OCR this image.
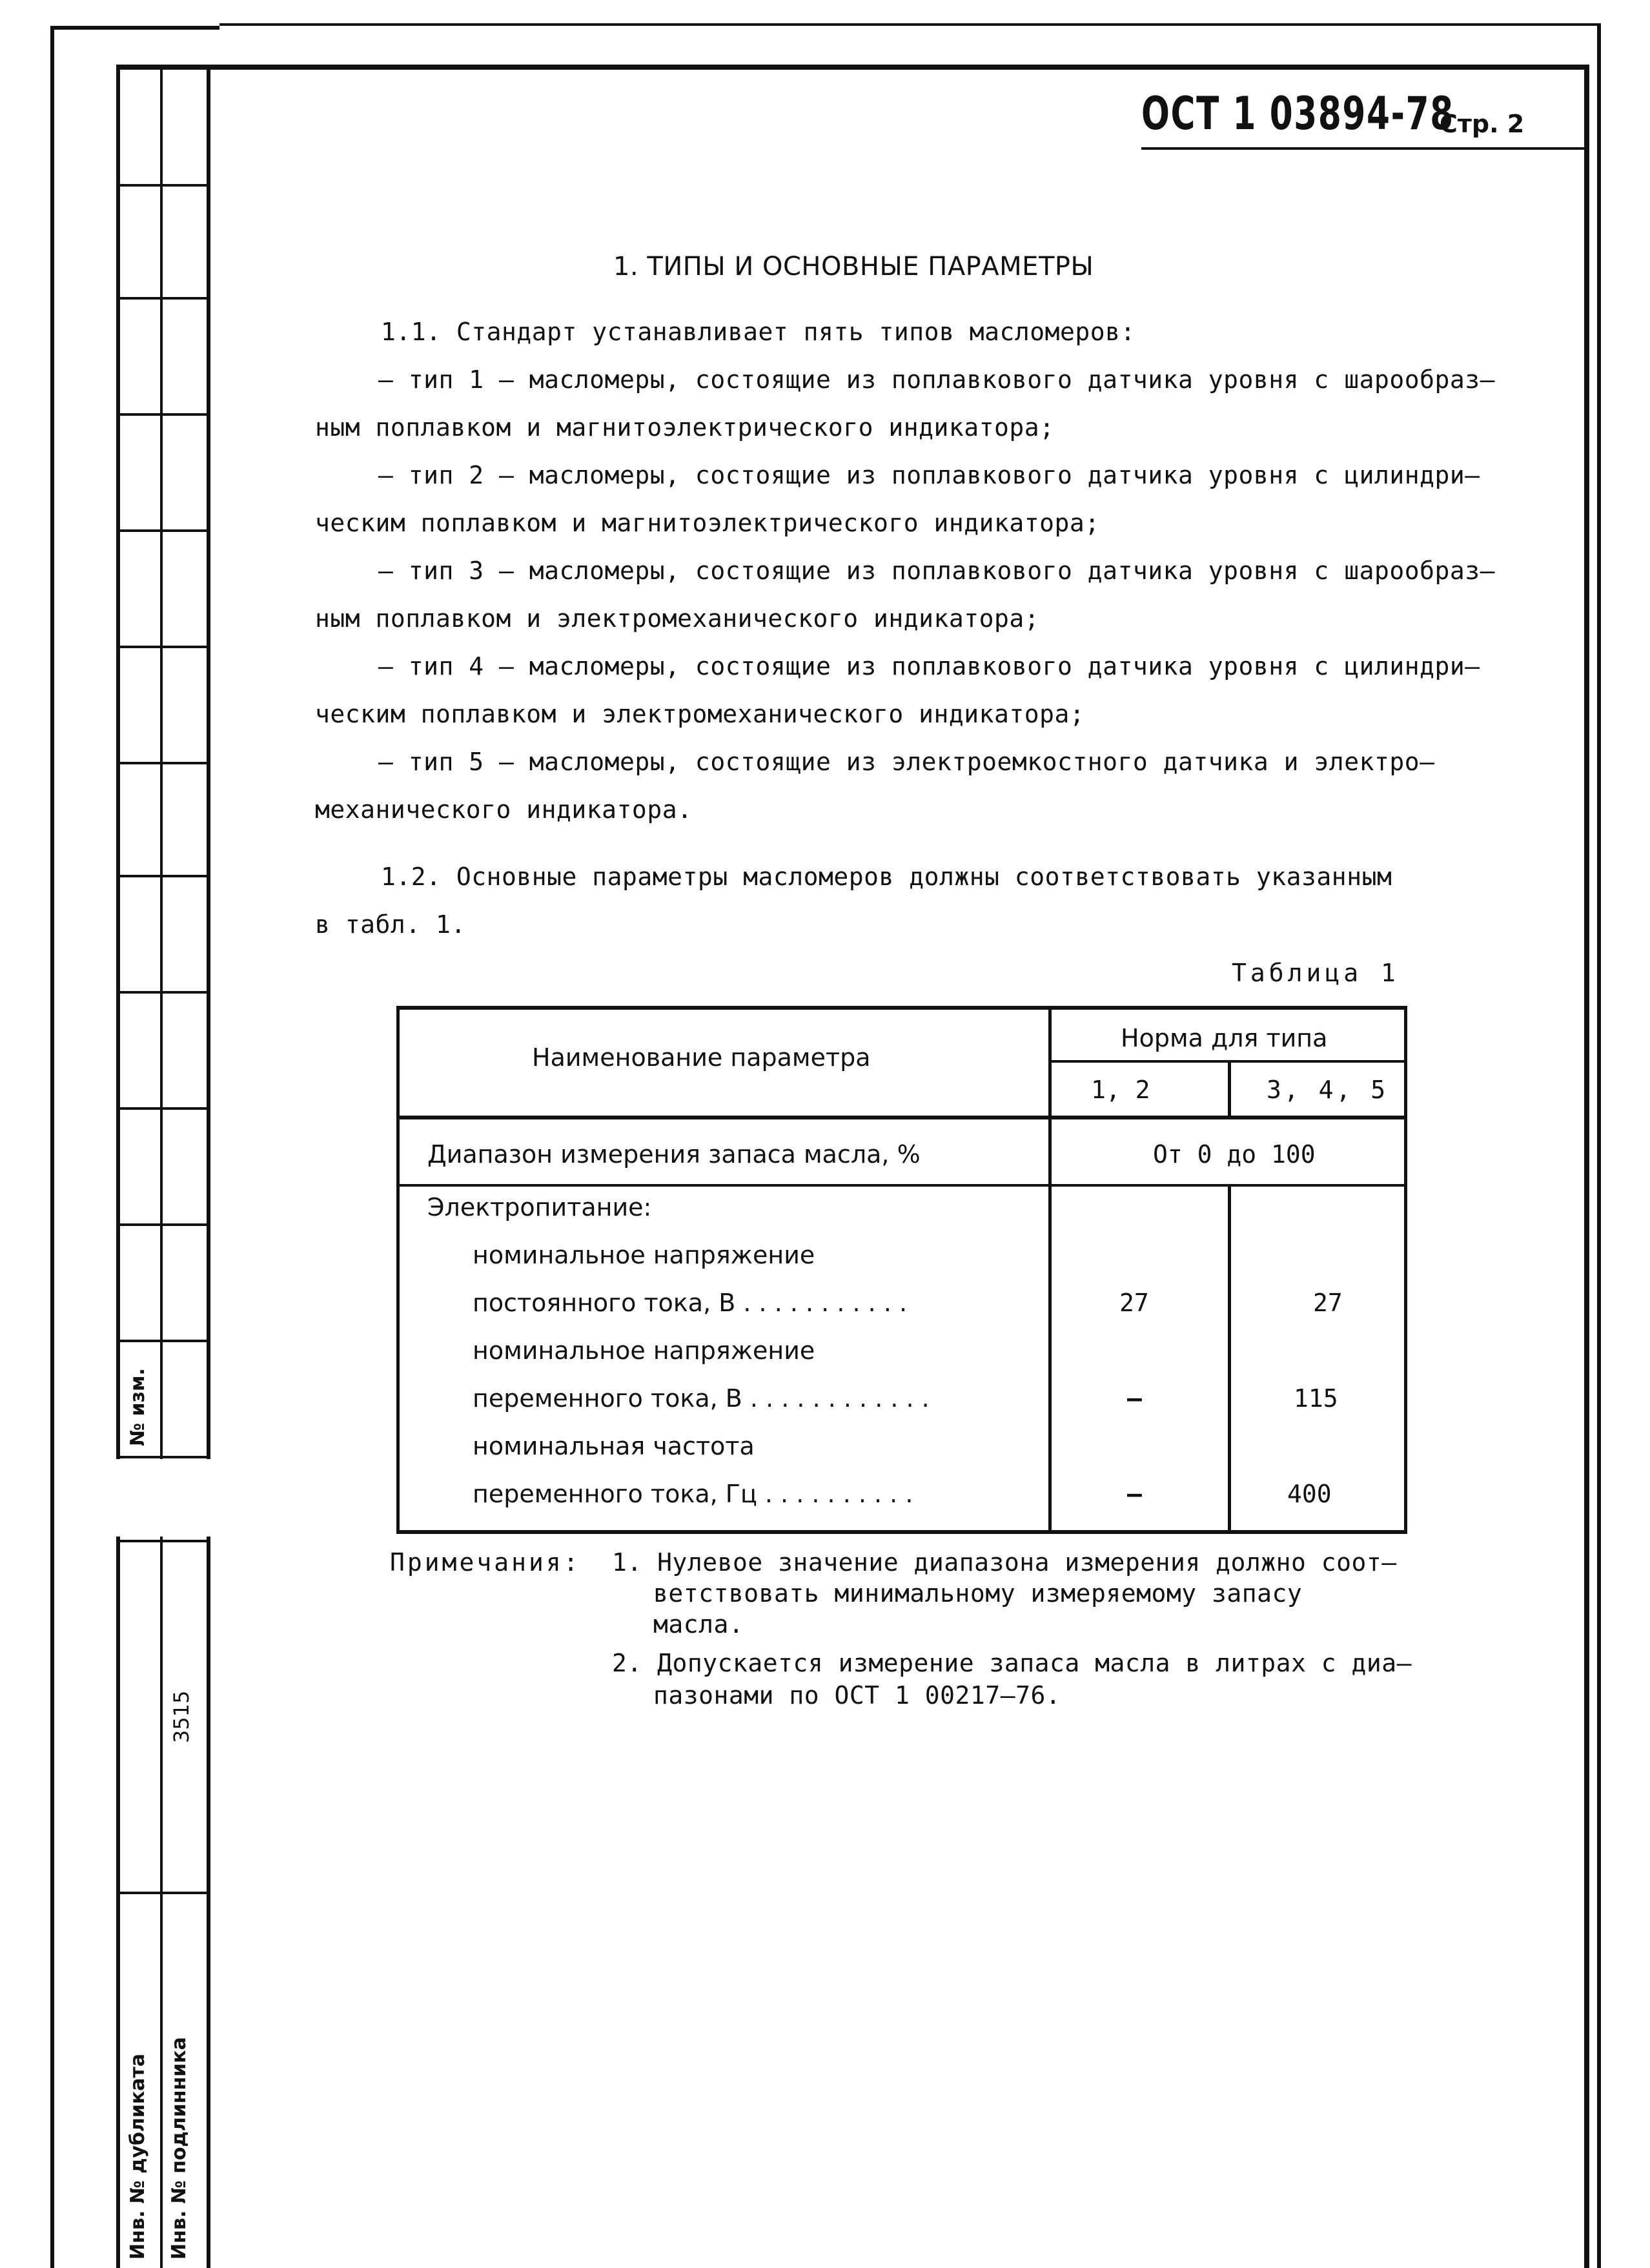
№ изм.
3515
Инв. № дубликата Инв. № подлинника
ОСТ 1 03894-78
Стр. 2
1. ТИПЫ И ОСНОВНЫЕ ПАРАМЕТРЫ
1.1. Стандарт устанавливает пять типов масломеров:
– тип 1 – масломеры, состоящие из поплавкового датчика уровня с шарообраз–
ным поплавком и магнитоэлектрического индикатора;
– тип 2 – масломеры, состоящие из поплавкового датчика уровня с цилиндри–
ческим поплавком и магнитоэлектрического индикатора;
– тип 3 – масломеры, состоящие из поплавкового датчика уровня с шарообраз–
ным поплавком и электромеханического индикатора;
– тип 4 – масломеры, состоящие из поплавкового датчика уровня с цилиндри–
ческим поплавком и электромеханического индикатора;
– тип 5 – масломеры, состоящие из электроемкостного датчика и электро–
механического индикатора.
1.2. Основные параметры масломеров должны соответствовать указанным
в табл. 1.
Таблица 1
Наименование параметра
Норма для типа
1, 2	3, 4, 5
Диапазон измерения запаса масла, %	От 0 до 100
Электропитание:
номинальное напряжение
постоянного тока, В . . . . . . . . . . .	27	27
номинальное напряжение
переменного тока, В . . . . . . . . . . . .	–	115
номинальная частота
переменного тока, Гц . . . . . . . . . .	–	400
Примечания: 1. Нулевое значение диапазона измерения должно соот–
ветствовать минимальному измеряемому запасу
масла.
2. Допускается измерение запаса масла в литрах с диа–
пазонами по ОСТ 1 00217–76.
